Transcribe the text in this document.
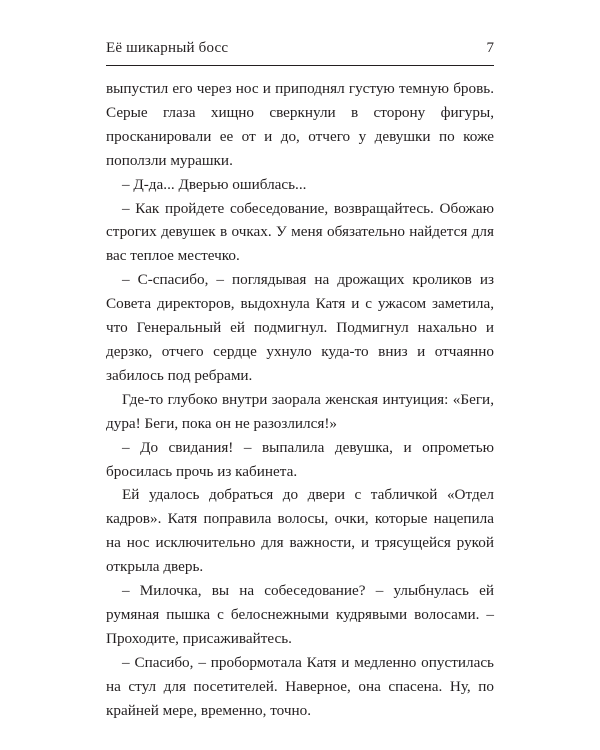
Её шикарный босс	7

выпустил его через нос и приподнял густую темную бровь. Серые глаза хищно сверкнули в сторону фигуры, просканировали ее от и до, отчего у девушки по коже поползли мурашки.

– Д-да... Дверью ошиблась...

– Как пройдете собеседование, возвращайтесь. Обожаю строгих девушек в очках. У меня обязательно найдется для вас теплое местечко.

– С-спасибо, – поглядывая на дрожащих кроликов из Совета директоров, выдохнула Катя и с ужасом заметила, что Генеральный ей подмигнул. Подмигнул нахально и дерзко, отчего сердце ухнуло куда-то вниз и отчаянно забилось под ребрами.

Где-то глубоко внутри заорала женская интуиция: «Беги, дура! Беги, пока он не разозлился!»

– До свидания! – выпалила девушка, и опрометью бросилась прочь из кабинета.

Ей удалось добраться до двери с табличкой «Отдел кадров». Катя поправила волосы, очки, которые нацепила на нос исключительно для важности, и трясущейся рукой открыла дверь.

– Милочка, вы на собеседование? – улыбнулась ей румяная пышка с белоснежными кудрявыми волосами. – Проходите, присаживайтесь.

– Спасибо, – пробормотала Катя и медленно опустилась на стул для посетителей. Наверное, она спасена. Ну, по крайней мере, временно, точно.
